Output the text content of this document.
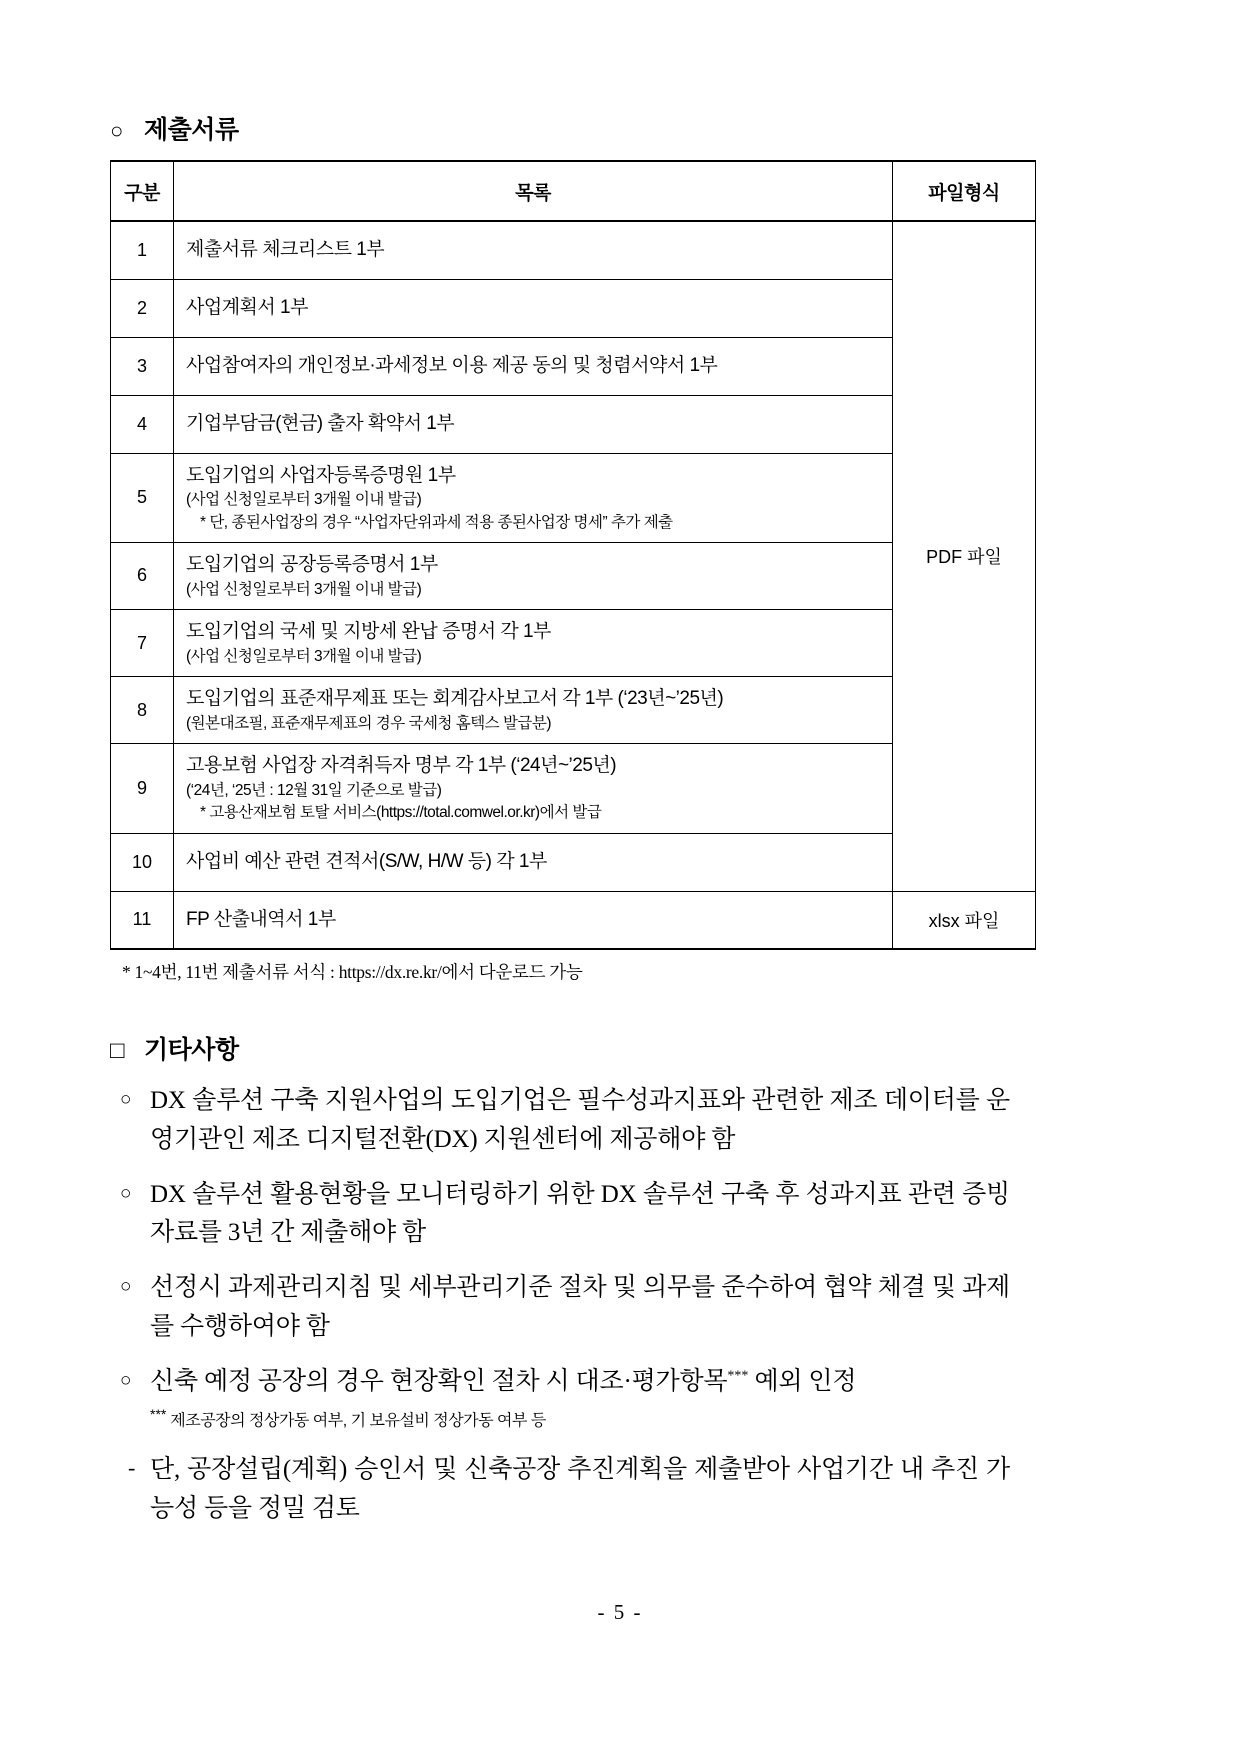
○ 제출서류
구분	목록	파일형식
1	제출서류 체크리스트 1부	PDF 파일
2	사업계획서 1부	

3	사업참여자의 개인정보·과세정보 이용 제공 동의 및 청렴서약서 1부	

4	기업부담금(현금) 출자 확약서 1부	

5	도입기업의 사업자등록증명원 1부
(사업 신청일로부터 3개월 이내 발급)
* 단, 종된사업장의 경우 “사업자단위과세 적용 종된사업장 명세” 추가 제출	

6	도입기업의 공장등록증명서 1부
(사업 신청일로부터 3개월 이내 발급)	

7	도입기업의 국세 및 지방세 완납 증명서 각 1부
(사업 신청일로부터 3개월 이내 발급)	

8	도입기업의 표준재무제표 또는 회계감사보고서 각 1부 (‘23년~’25년)
(원본대조필, 표준재무제표의 경우 국세청 홈텍스 발급분)	

9	고용보험 사업장 자격취득자 명부 각 1부 (‘24년~’25년)
(‘24년, ‘25년 : 12월 31일 기준으로 발급)
* 고용산재보험 토탈 서비스(https://total.comwel.or.kr)에서 발급	

10	사업비 예산 관련 견적서(S/W, H/W 등) 각 1부	

11	FP 산출내역서 1부	xlsx 파일
* 1~4번, 11번 제출서류 서식 : https://dx.re.kr/에서 다운로드 가능
□ 기타사항
○ DX 솔루션 구축 지원사업의 도입기업은 필수성과지표와 관련한 제조 데이터를 운영기관인 제조 디지털전환(DX) 지원센터에 제공해야 함
○ DX 솔루션 활용현황을 모니터링하기 위한 DX 솔루션 구축 후 성과지표 관련 증빙자료를 3년 간 제출해야 함
○ 선정시 과제관리지침 및 세부관리기준 절차 및 의무를 준수하여 협약 체결 및 과제를 수행하여야 함
○ 신축 예정 공장의 경우 현장확인 절차 시 대조·평가항목*** 예외 인정
*** 제조공장의 정상가동 여부, 기 보유설비 정상가동 여부 등
- 단, 공장설립(계획) 승인서 및 신축공장 추진계획을 제출받아 사업기간 내 추진 가능성 등을 정밀 검토
- 5 -
